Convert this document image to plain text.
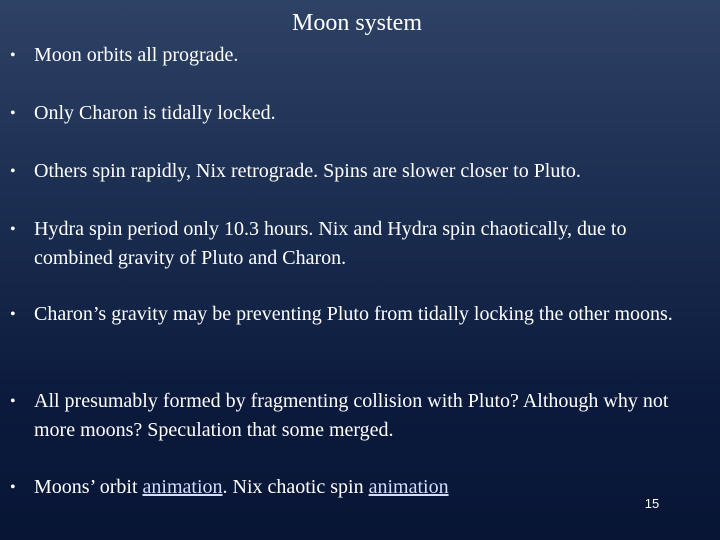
Moon system
• Moon orbits all prograde.
• Only Charon is tidally locked.
• Others spin rapidly, Nix retrograde. Spins are slower closer to Pluto.
• Hydra spin period only 10.3 hours. Nix and Hydra spin chaotically, due to combined gravity of Pluto and Charon.
• Charon’s gravity may be preventing Pluto from tidally locking the other moons.
• All presumably formed by fragmenting collision with Pluto? Although why not more moons? Speculation that some merged.
• Moons’ orbit animation. Nix chaotic spin animation
15
